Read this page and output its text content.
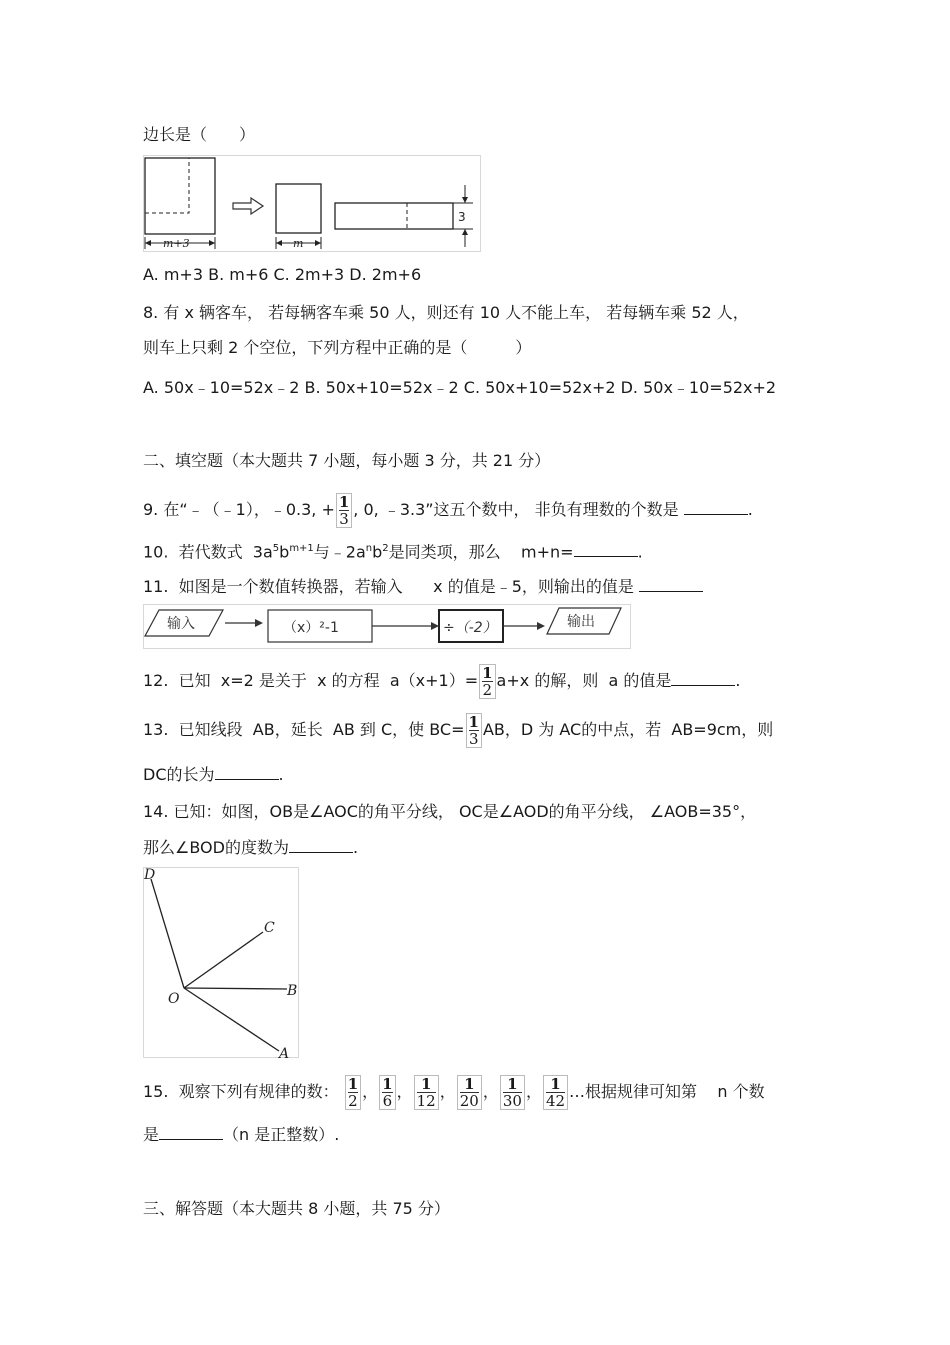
边长是（　　）
m+3	m
3
A. m+3 B. m+6 C. 2m+3 D. 2m+6
8. 有 x 辆客车， 若每辆客车乘 50 人，则还有 10 人不能上车， 若每辆车乘 52 人，
则车上只剩 2 个空位，下列方程中正确的是（　　　）
A. 50x﹣10=52x﹣2 B. 50x+10=52x﹣2 C. 50x+10=52x+2 D. 50x﹣10=52x+2
二、填空题（本大题共 7 小题，每小题 3 分，共 21 分）
9. 在“﹣（﹣1），﹣0.3, + $\frac{1}{3}$ , 0, ﹣3.3”这五个数中， 非负有理数的个数是	.
10.  若代数式  $3a^5b^{m+1}$与$﹣2a^nb^2$是同类项，那么    m+n=	.
11.  如图是一个数值转换器，若输入      x 的值是﹣5，则输出的值是
输入	（x）²-1	÷（-2）	输出
12.  已知  x=2 是关于  x 的方程  $a(x+1)= \frac{1}{2} a+x$ 的解，则  a 的值是	.
13.  已知线段  AB，延长  AB 到 C，使 $BC= \frac{1}{3}$ AB，D 为 AC的中点，若  AB=9cm，则
DC的长为	.
14. 已知：如图，OB是∠AOC的角平分线， OC是∠AOD的角平分线， ∠AOB=35°，
那么∠BOD的度数为	.
D
C
O	B
A
15.  观察下列有规律的数： $\frac{1}{2}$ ， $\frac{1}{6}$ ， $\frac{1}{12}$ ， $\frac{1}{20}$ ， $\frac{1}{30}$ ， $\frac{1}{42}$ …根据规律可知第    n 个数
是	（n 是正整数）.
三、解答题（本大题共 8 小题，共 75 分）
